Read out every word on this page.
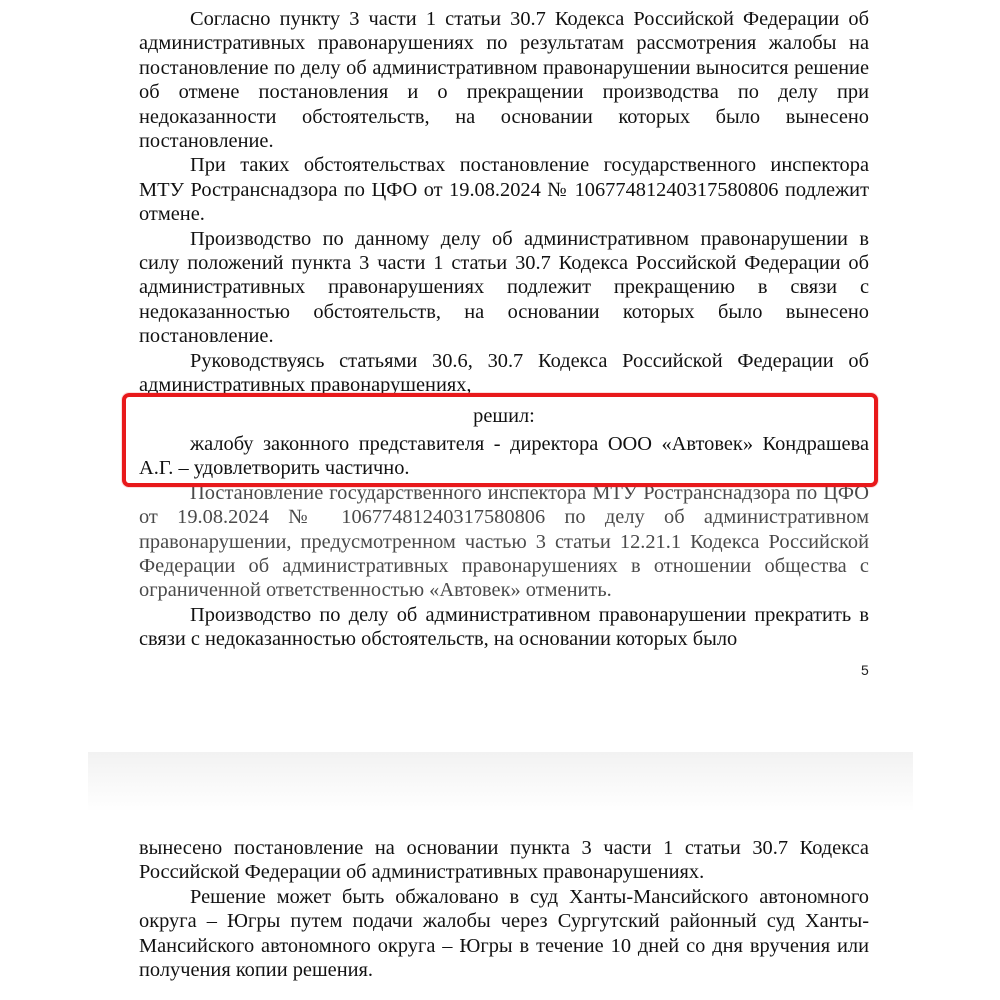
Согласно пункту 3 части 1 статьи 30.7 Кодекса Российской Федерации об административных правонарушениях по результатам рассмотрения жалобы на постановление по делу об административном правонарушении выносится решение об отмене постановления и о прекращении производства по делу при недоказанности обстоятельств, на основании которых было вынесено постановление.

При таких обстоятельствах постановление государственного инспектора МТУ Ространснадзора по ЦФО от 19.08.2024 № 10677481240317580806 подлежит отмене.

Производство по данному делу об административном правонарушении в силу положений пункта 3 части 1 статьи 30.7 Кодекса Российской Федерации об административных правонарушениях подлежит прекращению в связи с недоказанностью обстоятельств, на основании которых было вынесено постановление.

Руководствуясь статьями 30.6, 30.7 Кодекса Российской Федерации об административных правонарушениях,

решил:

жалобу законного представителя - директора ООО «Автовек» Кондрашева А.Г. – удовлетворить частично.

Постановление государственного инспектора МТУ Ространснадзора по ЦФО от 19.08.2024 № 10677481240317580806 по делу об административном правонарушении, предусмотренном частью 3 статьи 12.21.1 Кодекса Российской Федерации об административных правонарушениях в отношении общества с ограниченной ответственностью «Автовек» отменить.

Производство по делу об административном правонарушении прекратить в связи с недоказанностью обстоятельств, на основании которых было

5

вынесено постановление на основании пункта 3 части 1 статьи 30.7 Кодекса Российской Федерации об административных правонарушениях.

Решение может быть обжаловано в суд Ханты-Мансийского автономного округа – Югры путем подачи жалобы через Сургутский районный суд Ханты-Мансийского автономного округа – Югры в течение 10 дней со дня вручения или получения копии решения.
